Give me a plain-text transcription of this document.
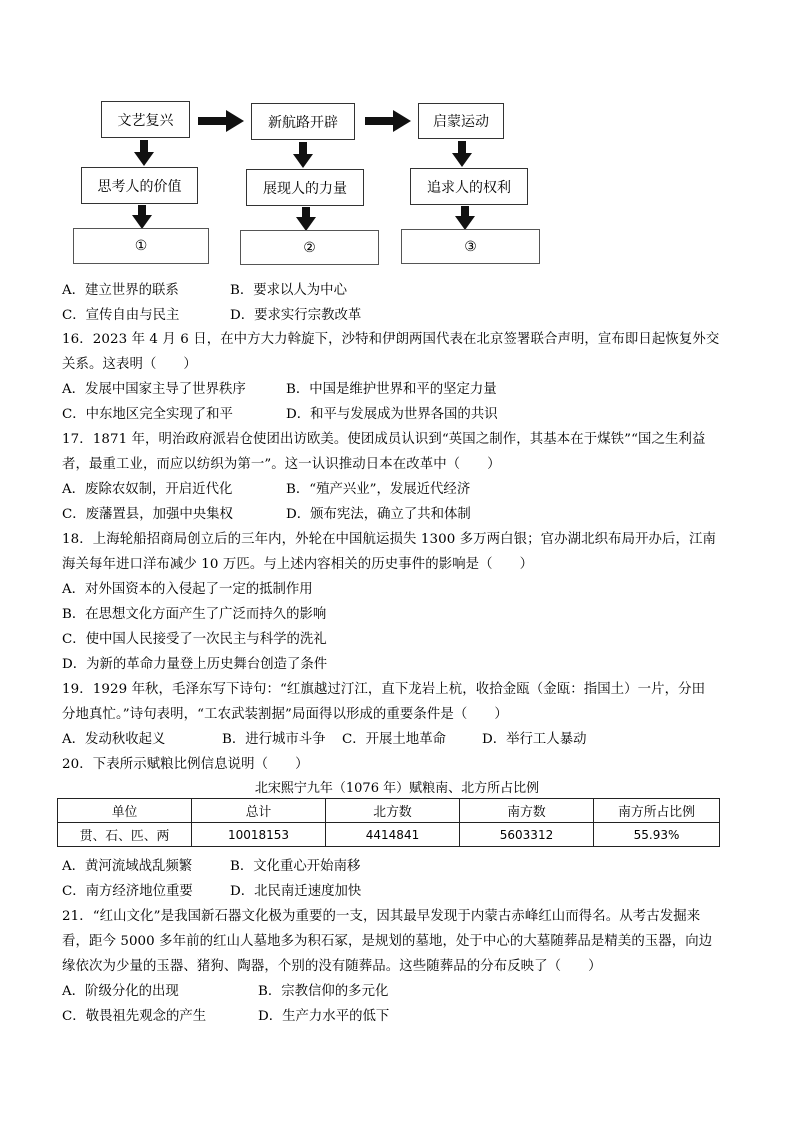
文艺复兴	新航路开辟	启蒙运动
思考人的价值	展现人的力量	追求人的权利
①	②	③
A．建立世界的联系	B．要求以人为中心
C．宣传自由与民主	D．要求实行宗教改革
16．2023 年 4 月 6 日，在中方大力斡旋下，沙特和伊朗两国代表在北京签署联合声明，宣布即日起恢复外交
关系。这表明（　　）
A．发展中国家主导了世界秩序	B．中国是维护世界和平的坚定力量
C．中东地区完全实现了和平	D．和平与发展成为世界各国的共识
17．1871 年，明治政府派岩仓使团出访欧美。使团成员认识到“英国之制作，其基本在于煤铁”“国之生利益
者，最重工业，而应以纺织为第一”。这一认识推动日本在改革中（　　）
A．废除农奴制，开启近代化	B．“殖产兴业”，发展近代经济
C．废藩置县，加强中央集权	D．颁布宪法，确立了共和体制
18．上海轮船招商局创立后的三年内，外轮在中国航运损失 1300 多万两白银；官办湖北织布局开办后，江南
海关每年进口洋布减少 10 万匹。与上述内容相关的历史事件的影响是（　　）
A．对外国资本的入侵起了一定的抵制作用
B．在思想文化方面产生了广泛而持久的影响
C．使中国人民接受了一次民主与科学的洗礼
D．为新的革命力量登上历史舞台创造了条件
19．1929 年秋，毛泽东写下诗句：“红旗越过汀江，直下龙岩上杭，收拾金瓯（金瓯：指国土）一片，分田
分地真忙。”诗句表明，“工农武装割据”局面得以形成的重要条件是（　　）
A．发动秋收起义	B．进行城市斗争 C．开展土地革命	D．举行工人暴动
20．下表所示赋粮比例信息说明（　　）
北宋熙宁九年（1076 年）赋粮南、北方所占比例
单位	总计	北方数	南方数	南方所占比例
贯、石、匹、两	10018153	4414841	5603312	55.93%
A．黄河流域战乱频繁	B．文化重心开始南移
C．南方经济地位重要	D．北民南迁速度加快
21．“红山文化”是我国新石器文化极为重要的一支，因其最早发现于内蒙古赤峰红山而得名。从考古发掘来
看，距今 5000 多年前的红山人墓地多为积石冢，是规划的墓地，处于中心的大墓随葬品是精美的玉器，向边
缘依次为少量的玉器、猪狗、陶器，个别的没有随葬品。这些随葬品的分布反映了（　　）
A．阶级分化的出现	B．宗教信仰的多元化
C．敬畏祖先观念的产生	D．生产力水平的低下
